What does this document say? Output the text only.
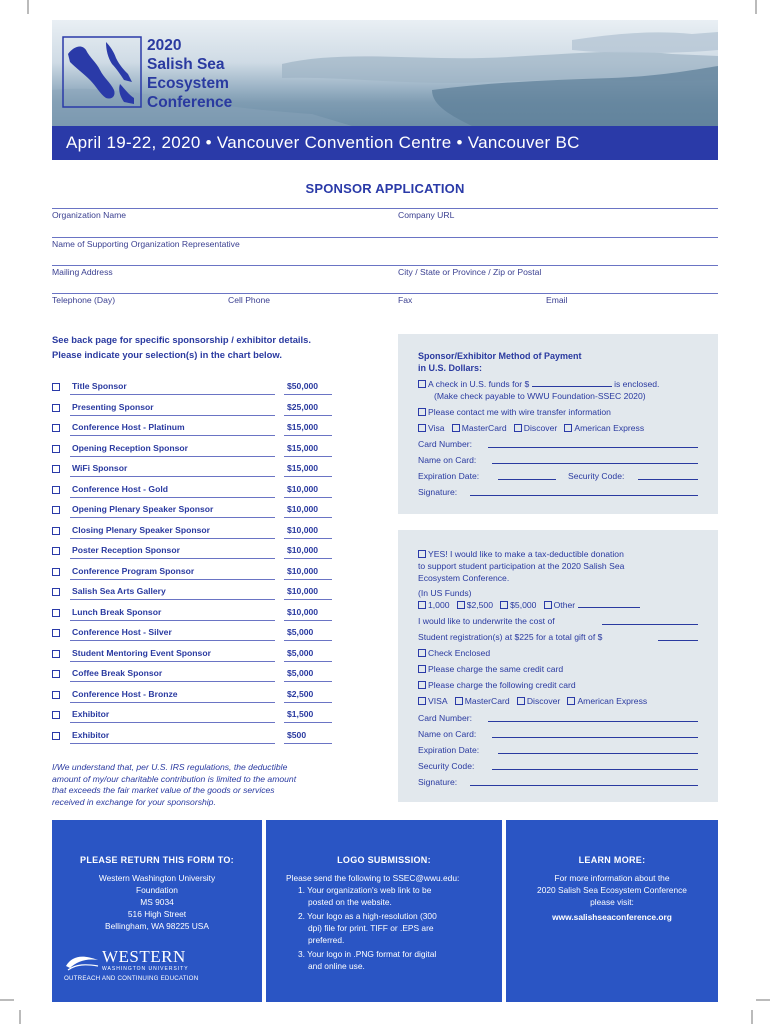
2020
Salish Sea
Ecosystem
Conference
April 19-22, 2020 • Vancouver Convention Centre • Vancouver BC
SPONSOR APPLICATION
Organization Name	Company URL
Name of Supporting Organization Representative
Mailing Address	City / State or Province / Zip or Postal
Telephone (Day)	Cell Phone	Fax	Email
See back page for specific sponsorship / exhibitor details.
Please indicate your selection(s) in the chart below.
Title Sponsor	$50,000
Presenting Sponsor	$25,000
Conference Host - Platinum	$15,000
Opening Reception Sponsor	$15,000
WiFi Sponsor	$15,000
Conference Host - Gold	$10,000
Opening Plenary Speaker Sponsor	$10,000
Closing Plenary Speaker Sponsor	$10,000
Poster Reception Sponsor	$10,000
Conference Program Sponsor	$10,000
Salish Sea Arts Gallery	$10,000
Lunch Break Sponsor	$10,000
Conference Host - Silver	$5,000
Student Mentoring Event Sponsor	$5,000
Coffee Break Sponsor	$5,000
Conference Host - Bronze	$2,500
Exhibitor	$1,500
Exhibitor	$500
Sponsor/Exhibitor Method of Payment
in U.S. Dollars:
A check in U.S. funds for $	is enclosed.
(Make check payable to WWU Foundation-SSEC 2020)
Please contact me with wire transfer information
Visa MasterCard Discover American Express
Card Number:
Name on Card:
Expiration Date:	Security Code:
Signature:
YES! I would like to make a tax-deductible donation
to support student participation at the 2020 Salish Sea
Ecosystem Conference.
(In US Funds)
1,000 $2,500 $5,000 Other
I would like to underwrite the cost of
Student registration(s) at $225 for a total gift of $
Check Enclosed
Please charge the same credit card
Please charge the following credit card
VISA MasterCard Discover American Express
Card Number:
Name on Card:
Expiration Date:
Security Code:
Signature:
I/We understand that, per U.S. IRS regulations, the deductible
amount of my/our charitable contribution is limited to the amount
that exceeds the fair market value of the goods or services
received in exchange for your sponsorship.
PLEASE RETURN THIS FORM TO:
Western Washington University
Foundation
MS 9034
516 High Street
Bellingham, WA 98225 USA
WESTERN
WASHINGTON UNIVERSITY
OUTREACH AND CONTINUING EDUCATION
LOGO SUBMISSION:
Please send the following to SSEC@wwu.edu:
1. Your organization's web link to be
posted on the website.
2. Your logo as a high-resolution (300
dpi) file for print. TIFF or .EPS are
preferred.
3. Your logo in .PNG format for digital
and online use.
LEARN MORE:
For more information about the
2020 Salish Sea Ecosystem Conference
please visit:
www.salishseaconference.org
